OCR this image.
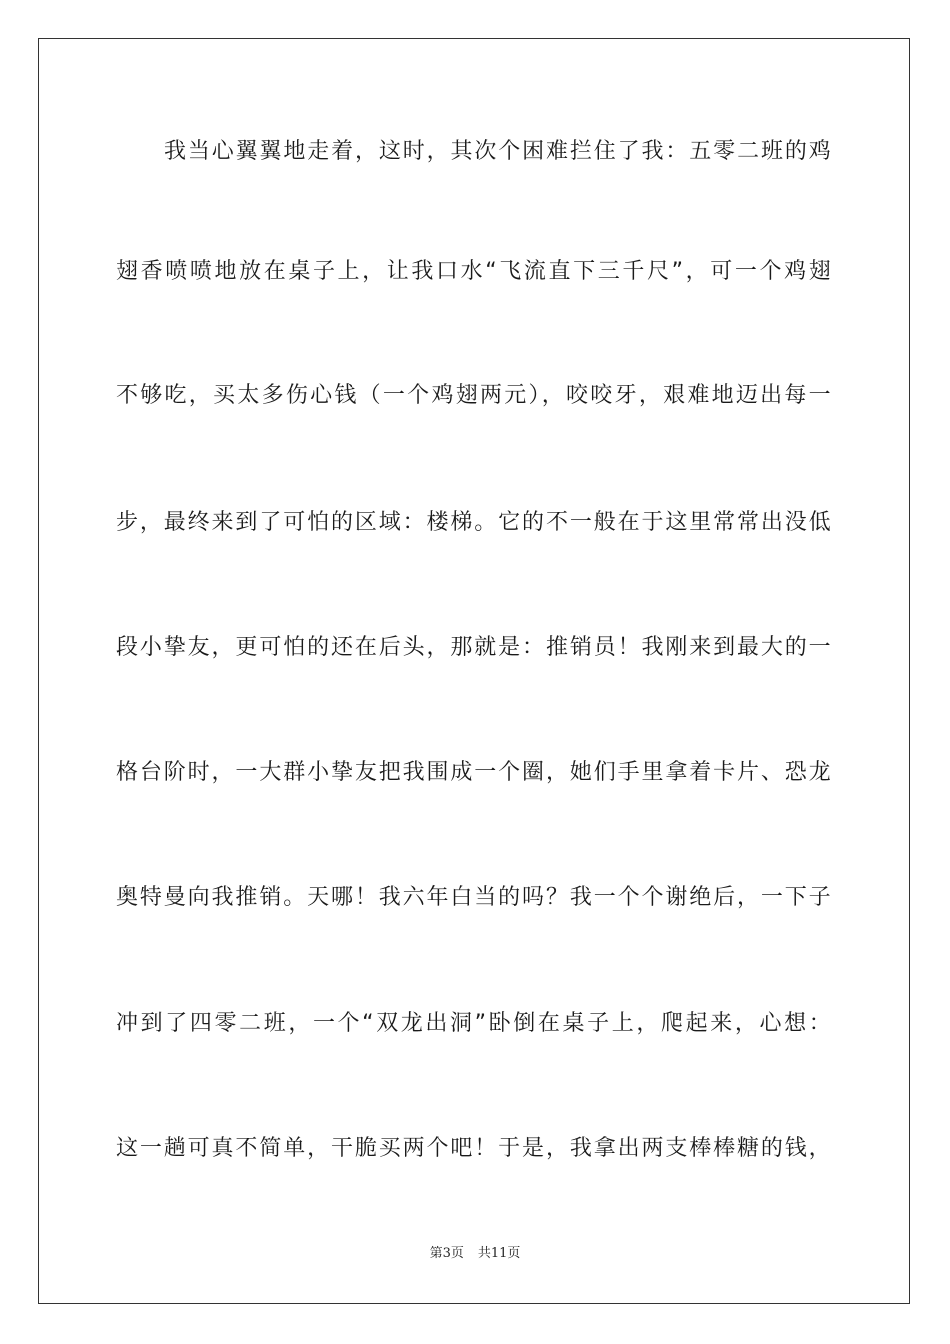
我当心翼翼地走着，这时，其次个困难拦住了我：五零二班的鸡
翅香喷喷地放在桌子上，让我口水“飞流直下三千尺”，可一个鸡翅
不够吃，买太多伤心钱（一个鸡翅两元），咬咬牙，艰难地迈出每一
步，最终来到了可怕的区域：楼梯。它的不一般在于这里常常出没低
段小挚友，更可怕的还在后头，那就是：推销员！我刚来到最大的一
格台阶时，一大群小挚友把我围成一个圈，她们手里拿着卡片、恐龙
奥特曼向我推销。天哪！我六年白当的吗？我一个个谢绝后，一下子
冲到了四零二班，一个“双龙出洞”卧倒在桌子上，爬起来，心想：
这一趟可真不简单，干脆买两个吧！于是，我拿出两支棒棒糖的钱，
第3页 共11页
